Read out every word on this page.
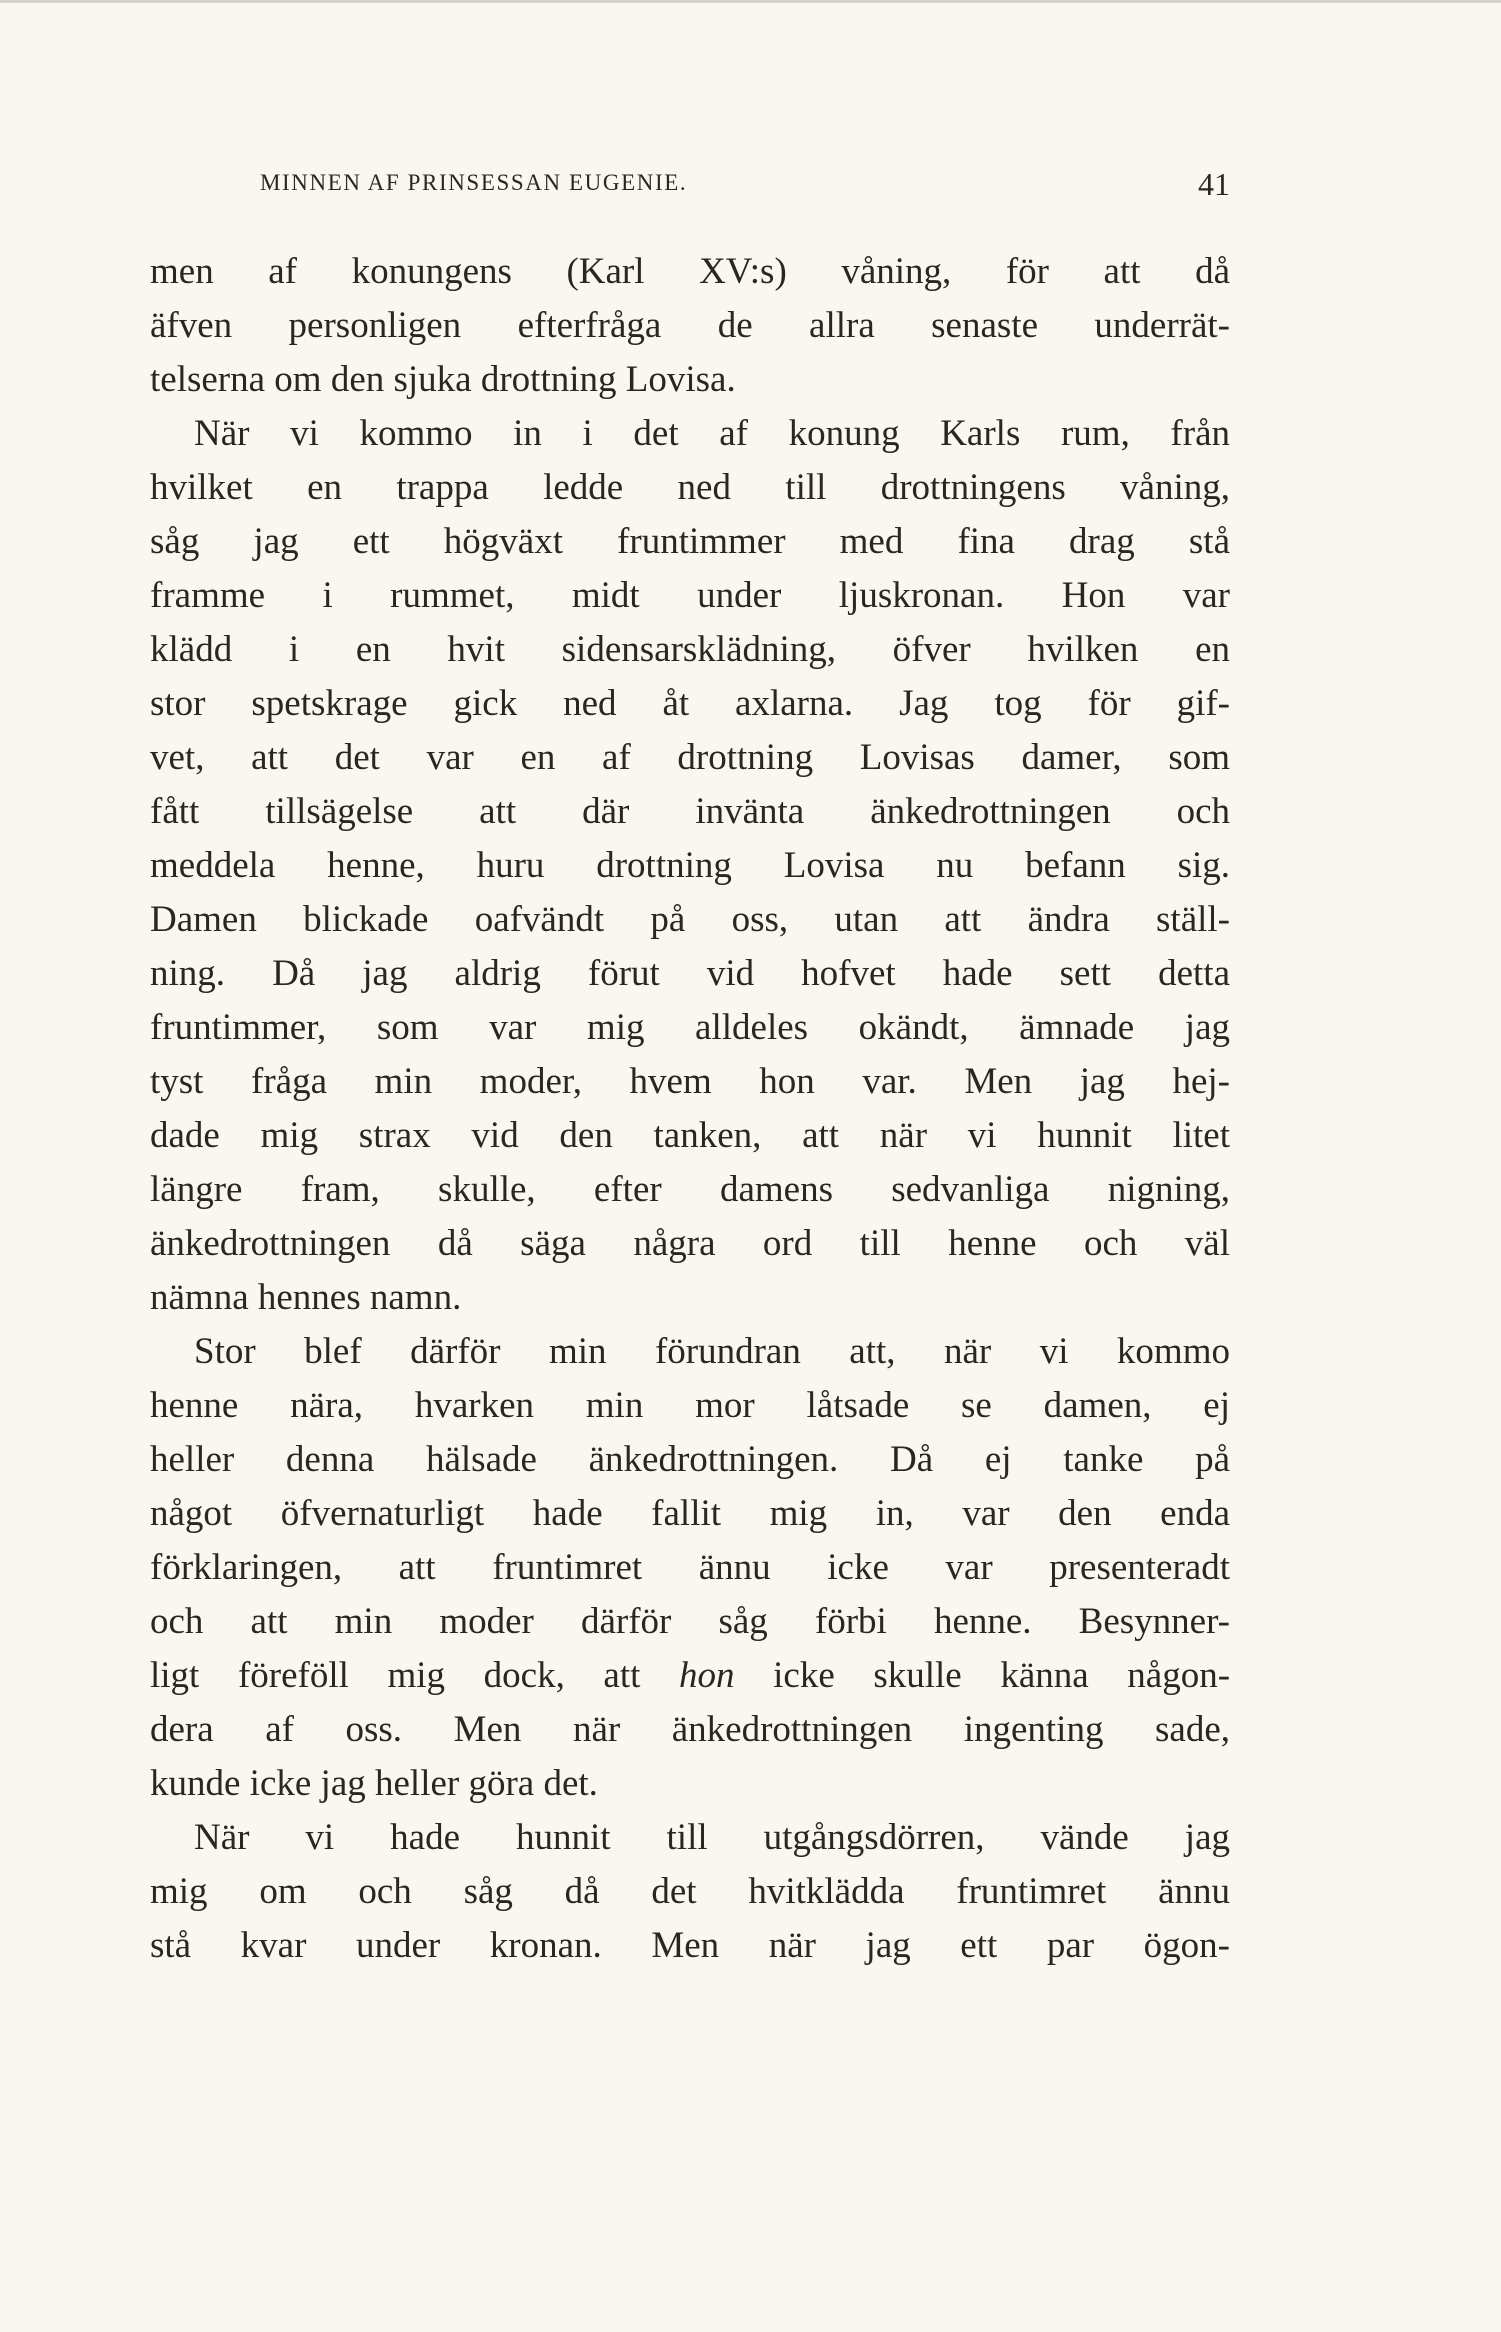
MINNEN AF PRINSESSAN EUGENIE.	41
men af konungens (Karl XV:s) våning, för att då
äfven personligen efterfråga de allra senaste underrät-
telserna om den sjuka drottning Lovisa.
När vi kommo in i det af konung Karls rum, från
hvilket en trappa ledde ned till drottningens våning,
såg jag ett högväxt fruntimmer med fina drag stå
framme i rummet, midt under ljuskronan. Hon var
klädd i en hvit sidensarsklädning, öfver hvilken en
stor spetskrage gick ned åt axlarna. Jag tog för gif-
vet, att det var en af drottning Lovisas damer, som
fått tillsägelse att där invänta änkedrottningen och
meddela henne, huru drottning Lovisa nu befann sig.
Damen blickade oafvändt på oss, utan att ändra ställ-
ning. Då jag aldrig förut vid hofvet hade sett detta
fruntimmer, som var mig alldeles okändt, ämnade jag
tyst fråga min moder, hvem hon var. Men jag hej-
dade mig strax vid den tanken, att när vi hunnit litet
längre fram, skulle, efter damens sedvanliga nigning,
änkedrottningen då säga några ord till henne och väl
nämna hennes namn.
Stor blef därför min förundran att, när vi kommo
henne nära, hvarken min mor låtsade se damen, ej
heller denna hälsade änkedrottningen. Då ej tanke på
något öfvernaturligt hade fallit mig in, var den enda
förklaringen, att fruntimret ännu icke var presenteradt
och att min moder därför såg förbi henne. Besynner-
ligt föreföll mig dock, att hon icke skulle känna någon-
dera af oss. Men när änkedrottningen ingenting sade,
kunde icke jag heller göra det.
När vi hade hunnit till utgångsdörren, vände jag
mig om och såg då det hvitklädda fruntimret ännu
stå kvar under kronan. Men när jag ett par ögon-
